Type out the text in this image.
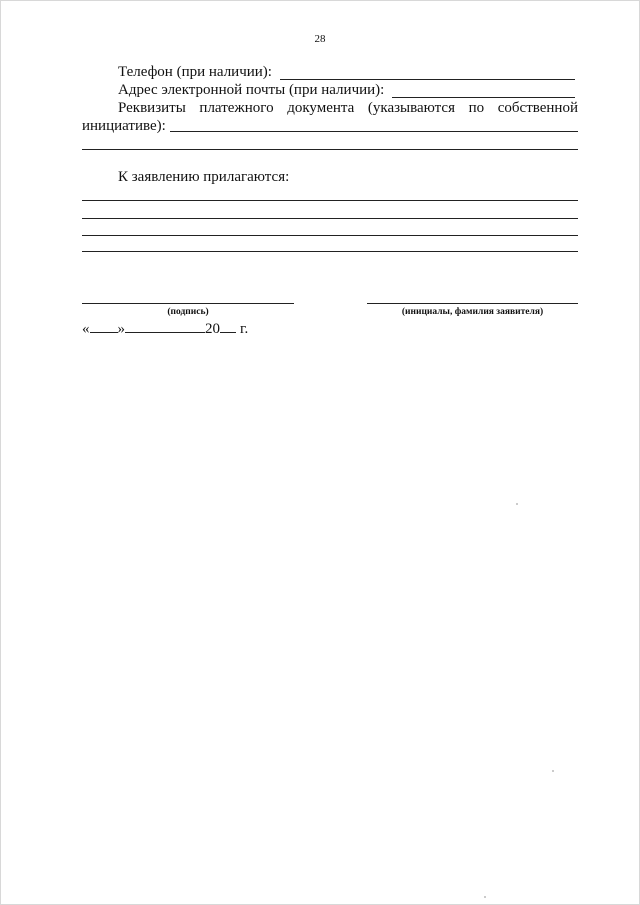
28
Телефон (при наличии):
Адрес электронной почты (при наличии):
Реквизиты платежного документа (указываются по собственной
инициативе):
К заявлению прилагаются:
(подпись)	(инициалы, фамилия заявителя)
« »	20 г.
